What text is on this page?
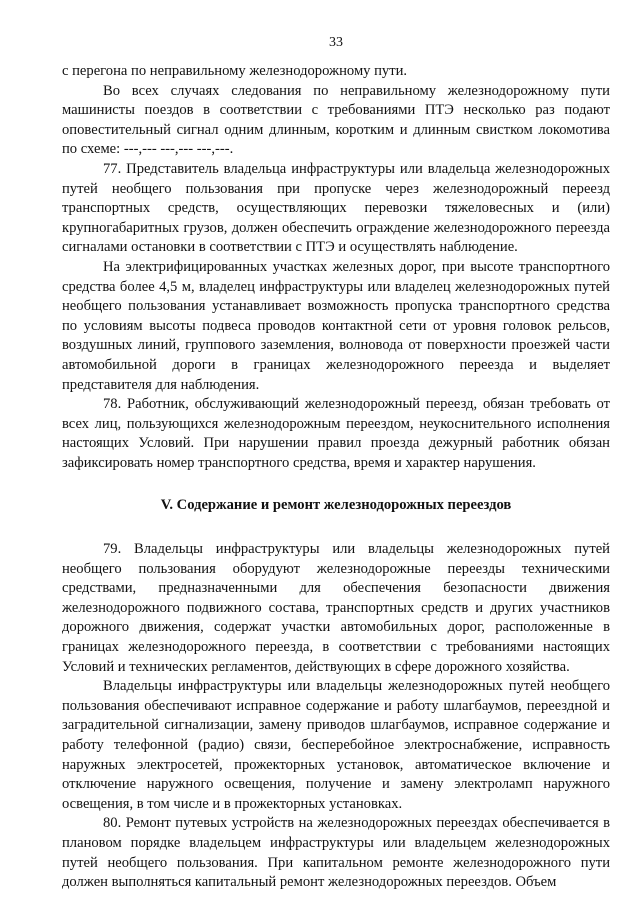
33

с перегона по неправильному железнодорожному пути.

Во всех случаях следования по неправильному железнодорожному пути машинисты поездов в соответствии с требованиями ПТЭ несколько раз подают оповестительный сигнал одним длинным, коротким и длинным свистком локомотива по схеме: ---,--- ---,--- ---,---.

77. Представитель владельца инфраструктуры или владельца железнодорожных путей необщего пользования при пропуске через железнодорожный переезд транспортных средств, осуществляющих перевозки тяжеловесных и (или) крупногабаритных грузов, должен обеспечить ограждение железнодорожного переезда сигналами остановки в соответствии с ПТЭ и осуществлять наблюдение.

На электрифицированных участках железных дорог, при высоте транспортного средства более 4,5 м, владелец инфраструктуры или владелец железнодорожных путей необщего пользования устанавливает возможность пропуска транспортного средства по условиям высоты подвеса проводов контактной сети от уровня головок рельсов, воздушных линий, группового заземления, волновода от поверхности проезжей части автомобильной дороги в границах железнодорожного переезда и выделяет представителя для наблюдения.

78. Работник, обслуживающий железнодорожный переезд, обязан требовать от всех лиц, пользующихся железнодорожным переездом, неукоснительного исполнения настоящих Условий. При нарушении правил проезда дежурный работник обязан зафиксировать номер транспортного средства, время и характер нарушения.

V. Содержание и ремонт железнодорожных переездов

79. Владельцы инфраструктуры или владельцы железнодорожных путей необщего пользования оборудуют железнодорожные переезды техническими средствами, предназначенными для обеспечения безопасности движения железнодорожного подвижного состава, транспортных средств и других участников дорожного движения, содержат участки автомобильных дорог, расположенные в границах железнодорожного переезда, в соответствии с требованиями настоящих Условий и технических регламентов, действующих в сфере дорожного хозяйства.

Владельцы инфраструктуры или владельцы железнодорожных путей необщего пользования обеспечивают исправное содержание и работу шлагбаумов, переездной и заградительной сигнализации, замену приводов шлагбаумов, исправное содержание и работу телефонной (радио) связи, бесперебойное электроснабжение, исправность наружных электросетей, прожекторных установок, автоматическое включение и отключение наружного освещения, получение и замену электроламп наружного освещения, в том числе и в прожекторных установках.

80. Ремонт путевых устройств на железнодорожных переездах обеспечивается в плановом порядке владельцем инфраструктуры или владельцем железнодорожных путей необщего пользования. При капитальном ремонте железнодорожного пути должен выполняться капитальный ремонт железнодорожных переездов. Объем
